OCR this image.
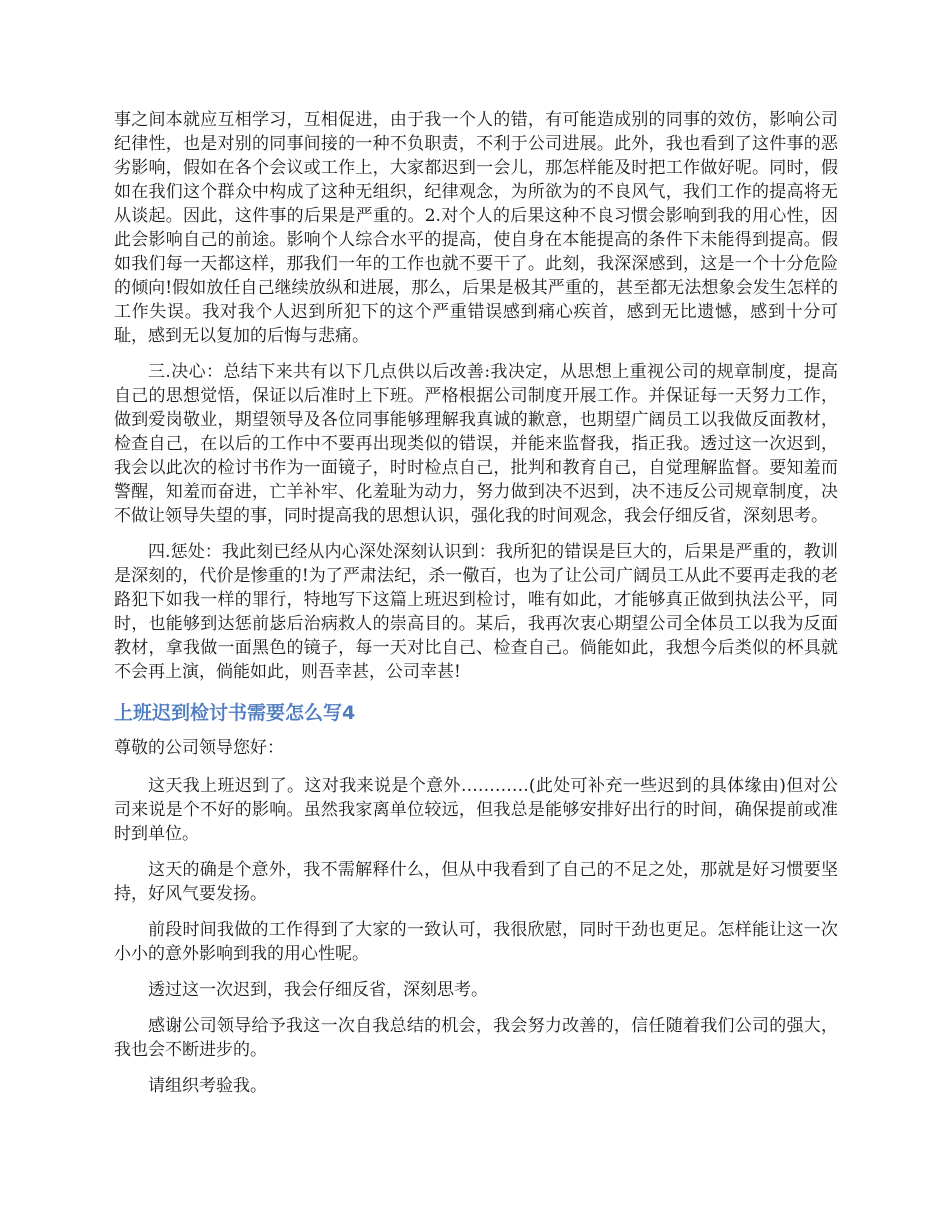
事之间本就应互相学习，互相促进，由于我一个人的错，有可能造成别的同事的效仿，影响公司纪律性，也是对别的同事间接的一种不负职责，不利于公司进展。此外，我也看到了这件事的恶劣影响，假如在各个会议或工作上，大家都迟到一会儿，那怎样能及时把工作做好呢。同时，假如在我们这个群众中构成了这种无组织，纪律观念，为所欲为的不良风气，我们工作的提高将无从谈起。因此，这件事的后果是严重的。2.对个人的后果这种不良习惯会影响到我的用心性，因此会影响自己的前途。影响个人综合水平的提高，使自身在本能提高的条件下未能得到提高。假如我们每一天都这样，那我们一年的工作也就不要干了。此刻，我深深感到，这是一个十分危险的倾向!假如放任自己继续放纵和进展，那么，后果是极其严重的，甚至都无法想象会发生怎样的工作失误。我对我个人迟到所犯下的这个严重错误感到痛心疾首，感到无比遗憾，感到十分可耻，感到无以复加的后悔与悲痛。

三.决心：总结下来共有以下几点供以后改善:我决定，从思想上重视公司的规章制度，提高自己的思想觉悟，保证以后准时上下班。严格根据公司制度开展工作。并保证每一天努力工作，做到爱岗敬业，期望领导及各位同事能够理解我真诚的歉意，也期望广阔员工以我做反面教材，检查自己，在以后的工作中不要再出现类似的错误，并能来监督我，指正我。透过这一次迟到，我会以此次的检讨书作为一面镜子，时时检点自己，批判和教育自己，自觉理解监督。要知羞而警醒，知羞而奋进，亡羊补牢、化羞耻为动力，努力做到决不迟到，决不违反公司规章制度，决不做让领导失望的事，同时提高我的思想认识，强化我的时间观念，我会仔细反省，深刻思考。

四.惩处：我此刻已经从内心深处深刻认识到：我所犯的错误是巨大的，后果是严重的，教训是深刻的，代价是惨重的!为了严肃法纪，杀一儆百，也为了让公司广阔员工从此不要再走我的老路犯下如我一样的罪行，特地写下这篇上班迟到检讨，唯有如此，才能够真正做到执法公平，同时，也能够到达惩前毖后治病救人的崇高目的。某后，我再次衷心期望公司全体员工以我为反面教材，拿我做一面黑色的镜子，每一天对比自己、检查自己。倘能如此，我想今后类似的杯具就不会再上演，倘能如此，则吾幸甚，公司幸甚!

上班迟到检讨书需要怎么写4

尊敬的公司领导您好：

这天我上班迟到了。这对我来说是个意外…………(此处可补充一些迟到的具体缘由)但对公司来说是个不好的影响。虽然我家离单位较远，但我总是能够安排好出行的时间，确保提前或准时到单位。

这天的确是个意外，我不需解释什么，但从中我看到了自己的不足之处，那就是好习惯要坚持，好风气要发扬。

前段时间我做的工作得到了大家的一致认可，我很欣慰，同时干劲也更足。怎样能让这一次小小的意外影响到我的用心性呢。

透过这一次迟到，我会仔细反省，深刻思考。

感谢公司领导给予我这一次自我总结的机会，我会努力改善的，信任随着我们公司的强大，我也会不断进步的。

请组织考验我。
